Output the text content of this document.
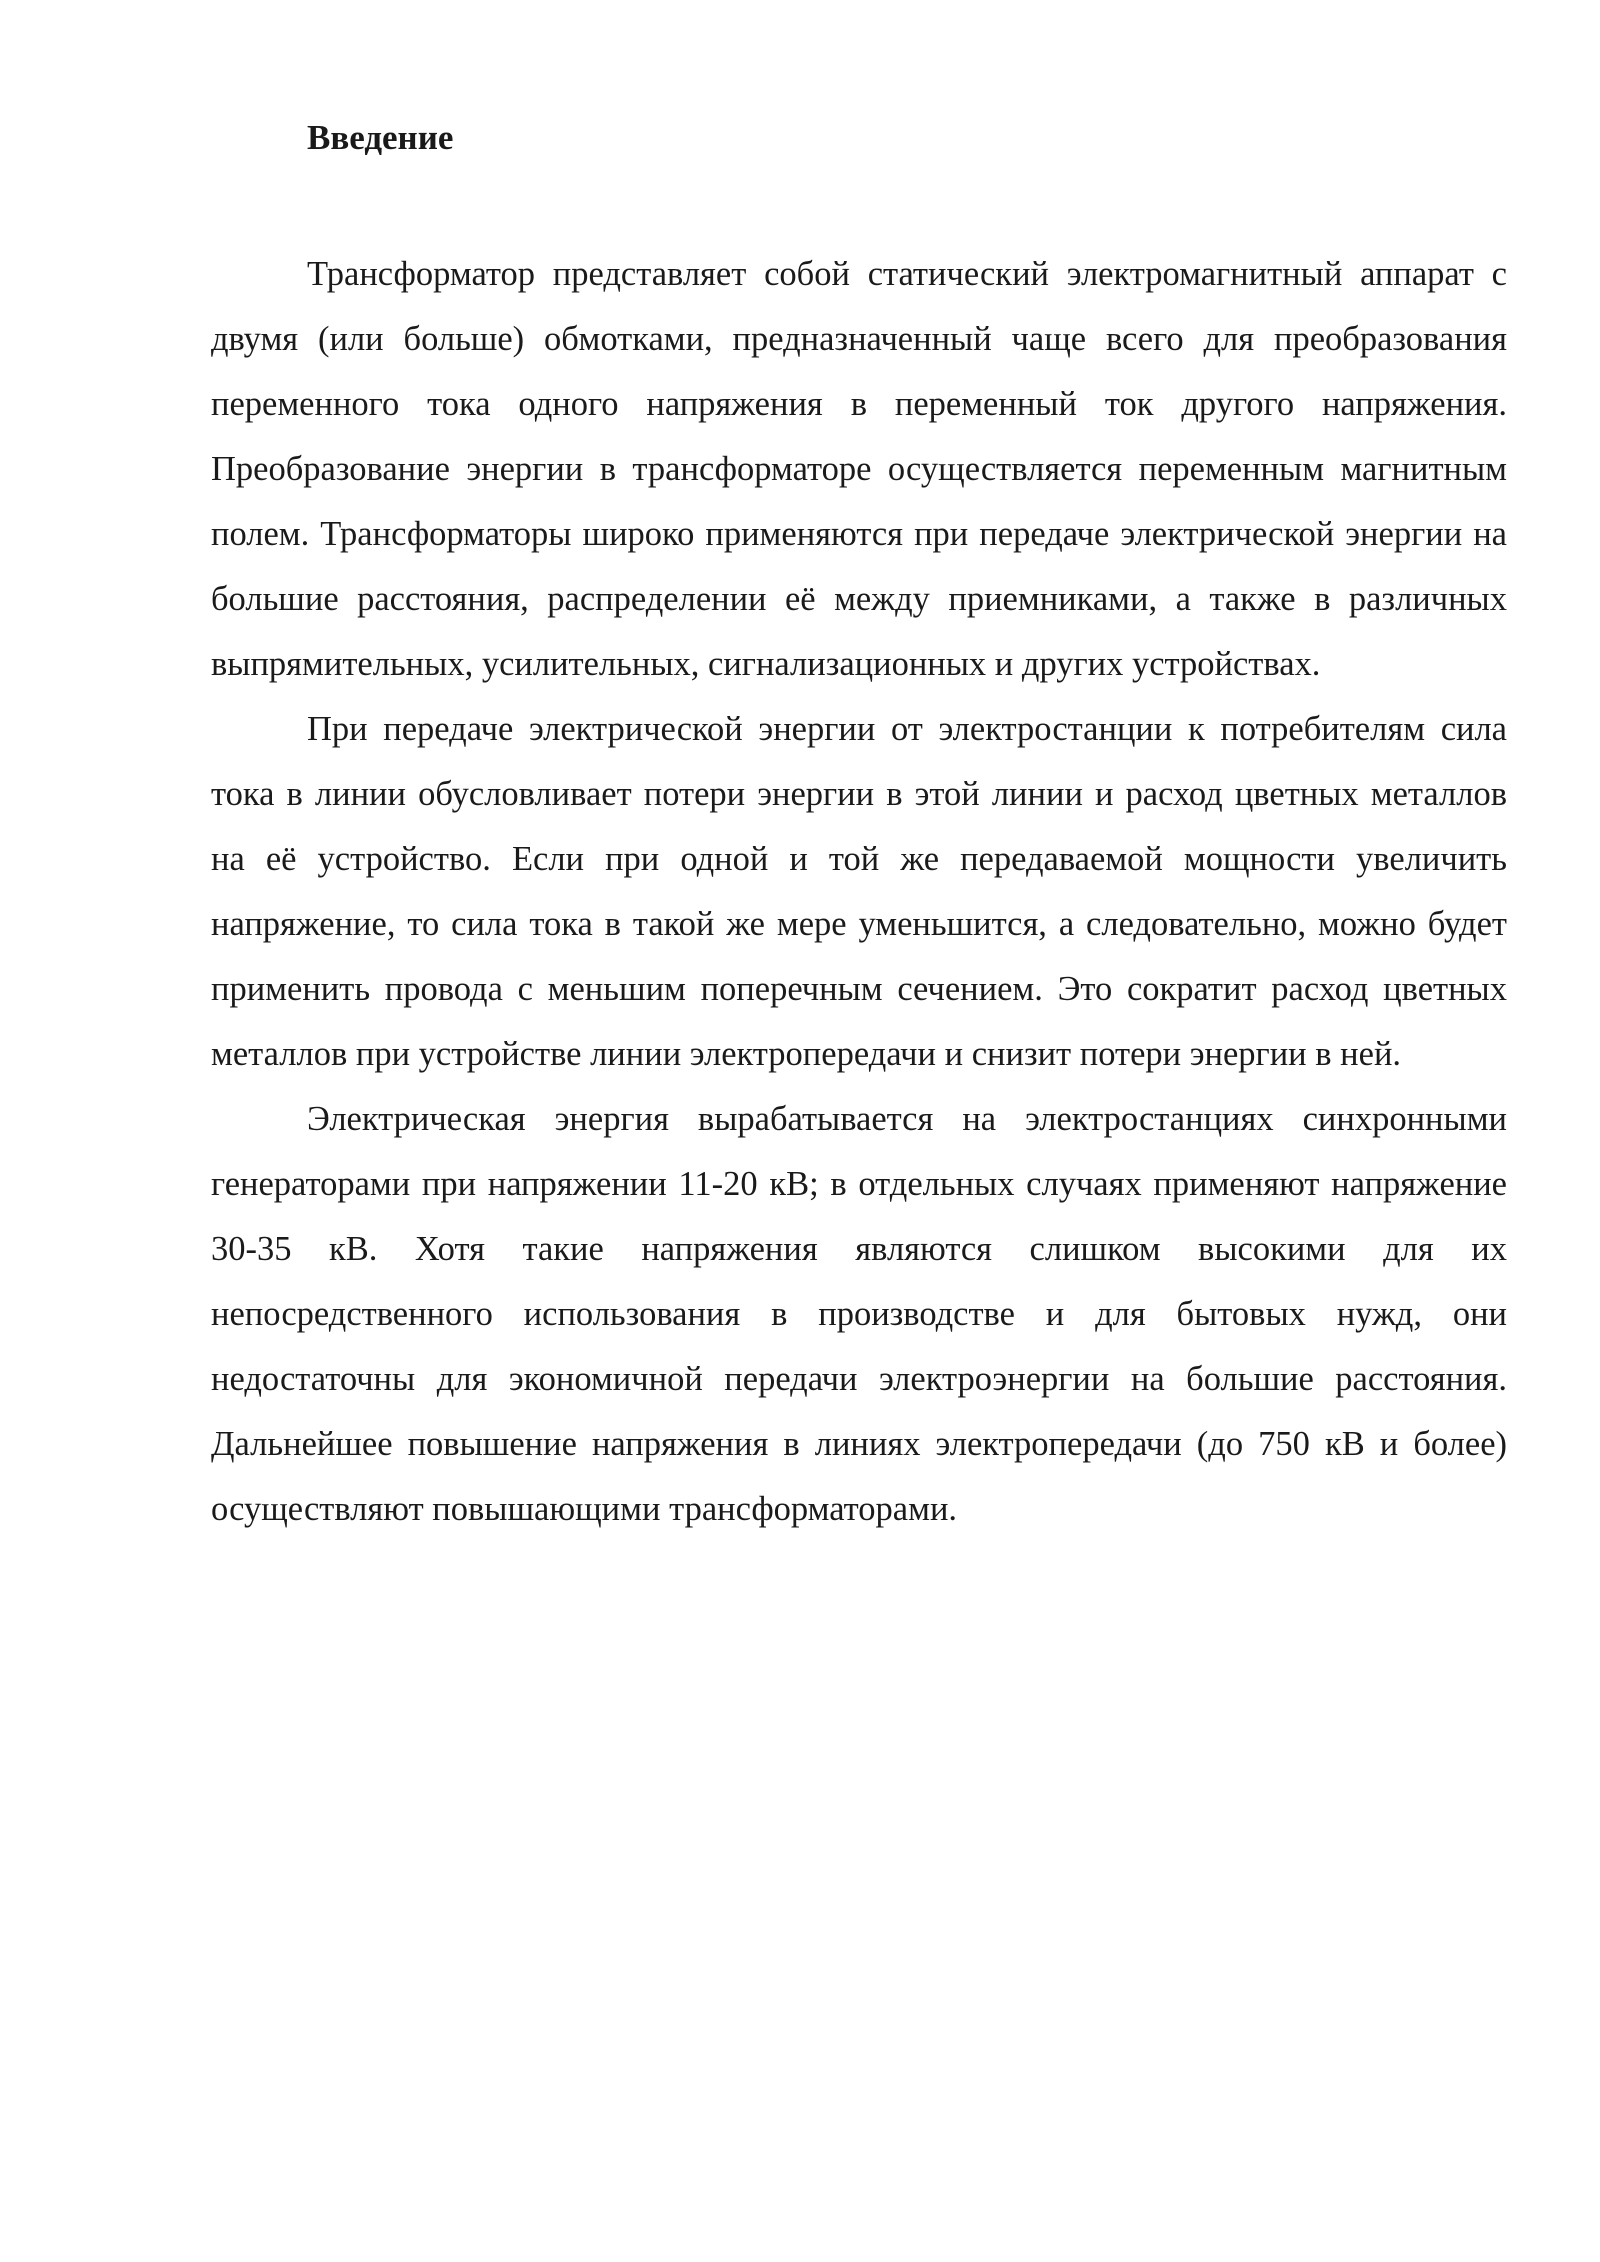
Введение

Трансформатор представляет собой статический электромагнитный аппарат с двумя (или больше) обмотками, предназначенный чаще всего для преобразования переменного тока одного напряжения в переменный ток другого напряжения. Преобразование энергии в трансформаторе осуществляется переменным магнитным полем. Трансформаторы широко применяются при передаче электрической энергии на большие расстояния, распределении её между приемниками, а также в различных выпрямительных, усилительных, сигнализационных и других устройствах.

При передаче электрической энергии от электростанции к потребителям сила тока в линии обусловливает потери энергии в этой линии и расход цветных металлов на её устройство. Если при одной и той же передаваемой мощности увеличить напряжение, то сила тока в такой же мере уменьшится, а следовательно, можно будет применить провода с меньшим поперечным сечением. Это сократит расход цветных металлов при устройстве линии электропередачи и снизит потери энергии в ней.

Электрическая энергия вырабатывается на электростанциях синхронными генераторами при напряжении 11-20 кВ; в отдельных случаях применяют напряжение 30-35 кВ. Хотя такие напряжения являются слишком высокими для их непосредственного использования в производстве и для бытовых нужд, они недостаточны для экономичной передачи электроэнергии на большие расстояния. Дальнейшее повышение напряжения в линиях электропередачи (до 750 кВ и более) осуществляют повышающими трансформаторами.
